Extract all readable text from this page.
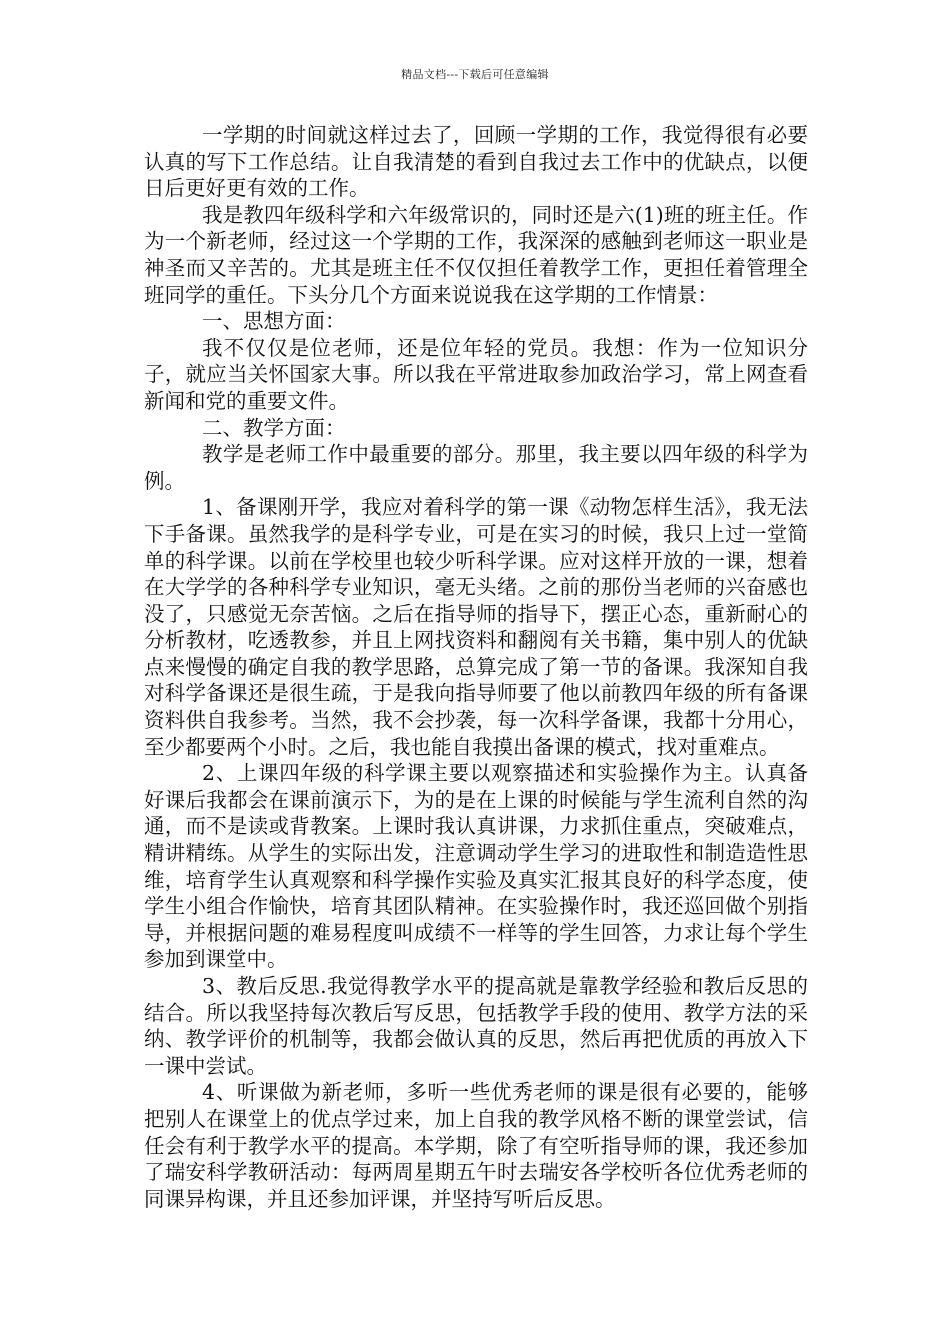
精品文档---下载后可任意编辑

一学期的时间就这样过去了，回顾一学期的工作，我觉得很有必要认真的写下工作总结。让自我清楚的看到自我过去工作中的优缺点，以便日后更好更有效的工作。

我是教四年级科学和六年级常识的，同时还是六(1)班的班主任。作为一个新老师，经过这一个学期的工作，我深深的感触到老师这一职业是神圣而又辛苦的。尤其是班主任不仅仅担任着教学工作，更担任着管理全班同学的重任。下头分几个方面来说说我在这学期的工作情景：

一、思想方面：

我不仅仅是位老师，还是位年轻的党员。我想：作为一位知识分子，就应当关怀国家大事。所以我在平常进取参加政治学习，常上网查看新闻和党的重要文件。

二、教学方面：

教学是老师工作中最重要的部分。那里，我主要以四年级的科学为例。

1、备课刚开学，我应对着科学的第一课《动物怎样生活》，我无法下手备课。虽然我学的是科学专业，可是在实习的时候，我只上过一堂简单的科学课。以前在学校里也较少听科学课。应对这样开放的一课，想着在大学学的各种科学专业知识，毫无头绪。之前的那份当老师的兴奋感也没了，只感觉无奈苦恼。之后在指导师的指导下，摆正心态，重新耐心的分析教材，吃透教参，并且上网找资料和翻阅有关书籍，集中别人的优缺点来慢慢的确定自我的教学思路，总算完成了第一节的备课。我深知自我对科学备课还是很生疏，于是我向指导师要了他以前教四年级的所有备课资料供自我参考。当然，我不会抄袭，每一次科学备课，我都十分用心，至少都要两个小时。之后，我也能自我摸出备课的模式，找对重难点。

2、上课四年级的科学课主要以观察描述和实验操作为主。认真备好课后我都会在课前演示下，为的是在上课的时候能与学生流利自然的沟通，而不是读或背教案。上课时我认真讲课，力求抓住重点，突破难点，精讲精练。从学生的实际出发，注意调动学生学习的进取性和制造造性思维，培育学生认真观察和科学操作实验及真实汇报其良好的科学态度，使学生小组合作愉快，培育其团队精神。在实验操作时，我还巡回做个别指导，并根据问题的难易程度叫成绩不一样等的学生回答，力求让每个学生参加到课堂中。

3、教后反思.我觉得教学水平的提高就是靠教学经验和教后反思的结合。所以我坚持每次教后写反思，包括教学手段的使用、教学方法的采纳、教学评价的机制等，我都会做认真的反思，然后再把优质的再放入下一课中尝试。

4、听课做为新老师，多听一些优秀老师的课是很有必要的，能够把别人在课堂上的优点学过来，加上自我的教学风格不断的课堂尝试，信任会有利于教学水平的提高。本学期，除了有空听指导师的课，我还参加了瑞安科学教研活动：每两周星期五午时去瑞安各学校听各位优秀老师的同课异构课，并且还参加评课，并坚持写听后反思。
